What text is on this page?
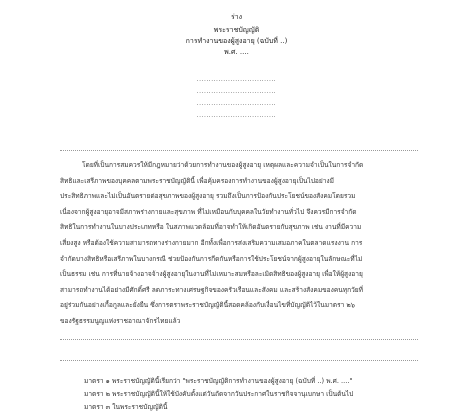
ร่าง
พระราชบัญญัติ
การทำงานของผู้สูงอายุ (ฉบับที่ ..)
พ.ศ. ....
.................................
.................................
.................................
.................................
โดยที่เป็นการสมควรให้มีกฎหมายว่าด้วยการทำงานของผู้สูงอายุ เหตุผลและความจำเป็นในการจำกัด
สิทธิและเสรีภาพของบุคคลตามพระราชบัญญัตินี้ เพื่อคุ้มครองการทำงานของผู้สูงอายุเป็นไปอย่างมี
ประสิทธิภาพและไม่เป็นอันตรายต่อสุขภาพของผู้สูงอายุ รวมถึงเป็นการป้องกันประโยชน์ของสังคมโดยรวม
เนื่องจากผู้สูงอายุอาจมีสภาพร่างกายและสุขภาพ ที่ไม่เหมือนกับบุคคลในวัยทำงานทั่วไป จึงควรมีการจำกัด
สิทธิในการทำงานในบางประเภทหรือ ในสภาพแวดล้อมที่อาจทำให้เกิดอันตรายกับสุขภาพ เช่น งานที่มีความ
เสี่ยงสูง หรือต้องใช้ความสามารถทางร่างกายมาก อีกทั้งเพื่อการส่งเสริมความเสมอภาคในตลาดแรงงาน การ
จำกัดบางสิทธิหรือเสรีภาพในบางกรณี ช่วยป้องกันการกีดกันหรือการใช้ประโยชน์จากผู้สูงอายุในลักษณะที่ไม่
เป็นธรรม เช่น การที่นายจ้างอาจจ้างผู้สูงอายุในงานที่ไม่เหมาะสมหรือละเมิดสิทธิของผู้สูงอายุ เพื่อให้ผู้สูงอายุ
สามารถทำงานได้อย่างมีศักดิ์ศรี ลดภาระทางเศรษฐกิจของครัวเรือนและสังคม และสร้างสังคมของคนทุกวัยที่
อยู่ร่วมกันอย่างเกื้อกูลและยั่งยืน ซึ่งการตราพระราชบัญญัตินี้สอดคล้องกับเงื่อนไขที่บัญญัติไว้ในมาตรา ๒๖
ของรัฐธรรมนูญแห่งราชอาณาจักรไทยแล้ว
มาตรา ๑ พระราชบัญญัตินี้เรียกว่า "พระราชบัญญัติการทำงานของผู้สูงอายุ (ฉบับที่ ..) พ.ศ. ...."
มาตรา ๒ พระราชบัญญัตินี้ให้ใช้บังคับตั้งแต่วันถัดจากวันประกาศในราชกิจจานุเบกษา เป็นต้นไป
มาตรา ๓ ในพระราชบัญญัตินี้
